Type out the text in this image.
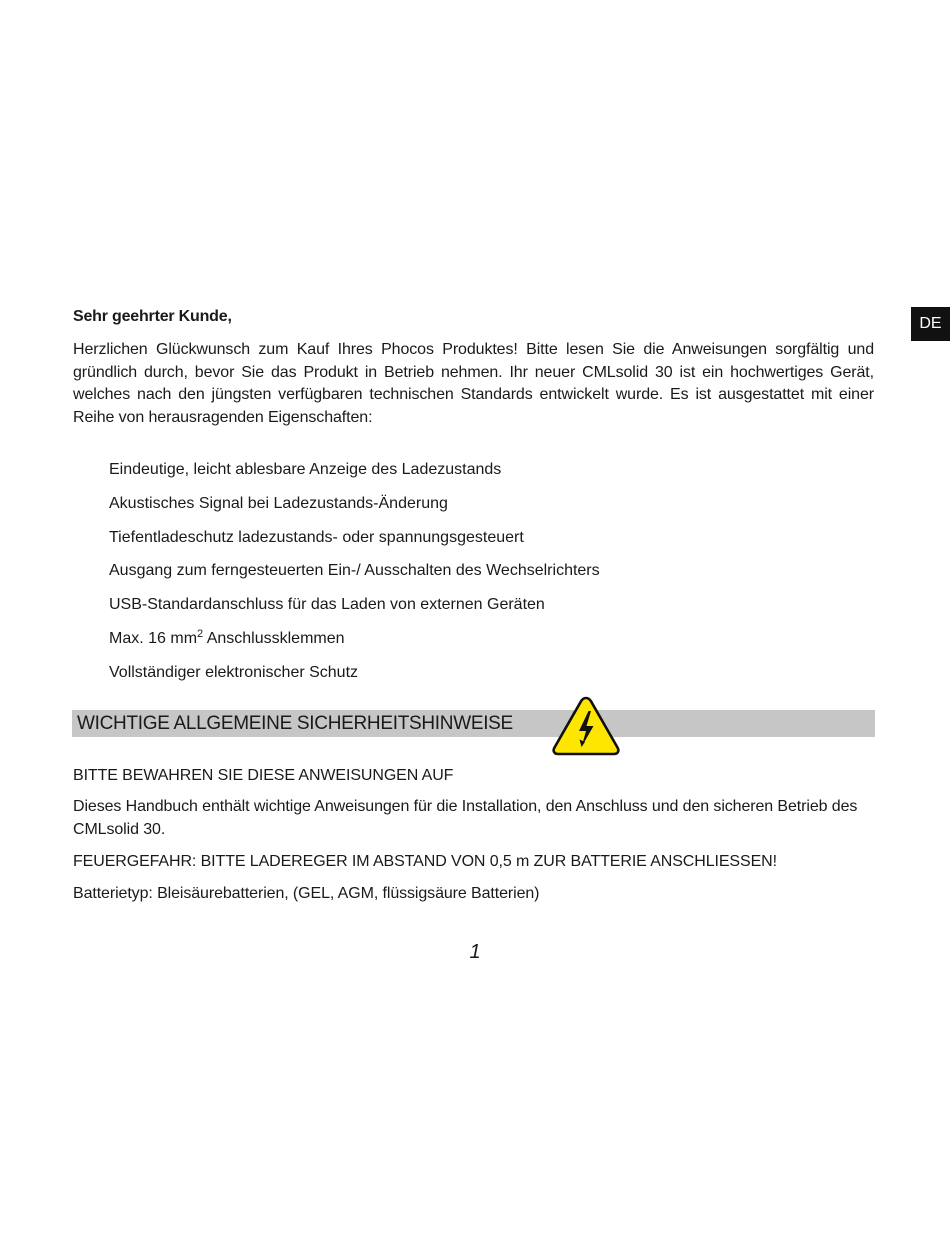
DE
Sehr geehrter Kunde,

Herzlichen Glückwunsch zum Kauf Ihres Phocos Produktes! Bitte lesen Sie die Anweisungen sorgfältig und gründlich durch, bevor Sie das Produkt in Betrieb nehmen. Ihr neuer CMLsolid 30 ist ein hochwertiges Gerät, welches nach den jüngsten verfügbaren technischen Standards entwickelt wurde. Es ist ausgestattet mit einer Reihe von herausragenden Eigenschaften:

Eindeutige, leicht ablesbare Anzeige des Ladezustands
Akustisches Signal bei Ladezustands-Änderung
Tiefentladeschutz ladezustands- oder spannungsgesteuert
Ausgang zum ferngesteuerten Ein-/ Ausschalten des Wechselrichters
USB-Standardanschluss für das Laden von externen Geräten
Max. 16 $mm^2$ Anschlussklemmen
Vollständiger elektronischer Schutz
WICHTIGE ALLGEMEINE SICHERHEITSHINWEISE

BITTE BEWAHREN SIE DIESE ANWEISUNGEN AUF

Dieses Handbuch enthält wichtige Anweisungen für die Installation, den Anschluss und den sicheren Betrieb des CMLsolid 30.

FEUERGEFAHR: BITTE LADEREGER IM ABSTAND VON 0,5 m ZUR BATTERIE ANSCHLIESSEN!

Batterietyp: Bleisäurebatterien, (GEL, AGM, flüssigsäure Batterien)

1
